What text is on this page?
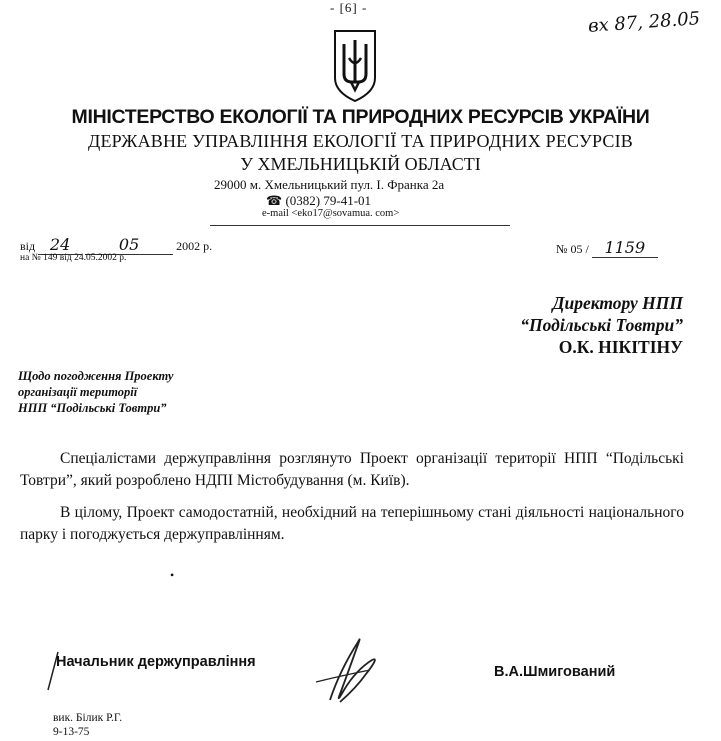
- [6] -
вх 87, 28.05
МІНІСТЕРСТВО ЕКОЛОГІЇ ТА ПРИРОДНИХ РЕСУРСІВ УКРАЇНИ
ДЕРЖАВНЕ УПРАВЛІННЯ ЕКОЛОГІЇ ТА ПРИРОДНИХ РЕСУРСІВ
У ХМЕЛЬНИЦЬКІЙ ОБЛАСТІ
29000 м. Хмельницький пул. І. Франка 2а
☎ (0382) 79-41-01
e-mail <eko17@sovamua. com>
від 24	05	2002 р.
на № 149 від 24.05.2002 р.
№ 05 / 1159
Директору НПП
“Подільські Товтри”
О.К. НІКІТІНУ
Щодо погодження Проекту
організації території
НПП “Подільські Товтри”

Спеціалістами держуправління розглянуто Проект організації території НПП “Подільські Товтри”, який розроблено НДПІ Містобудування (м. Київ).

В цілому, Проект самодостатній, необхідний на теперішньому стані діяльності національного парку і погоджується держуправлінням.

•
Начальник держуправління
В.А.Шмигований
вик. Білик Р.Г.
9-13-75
